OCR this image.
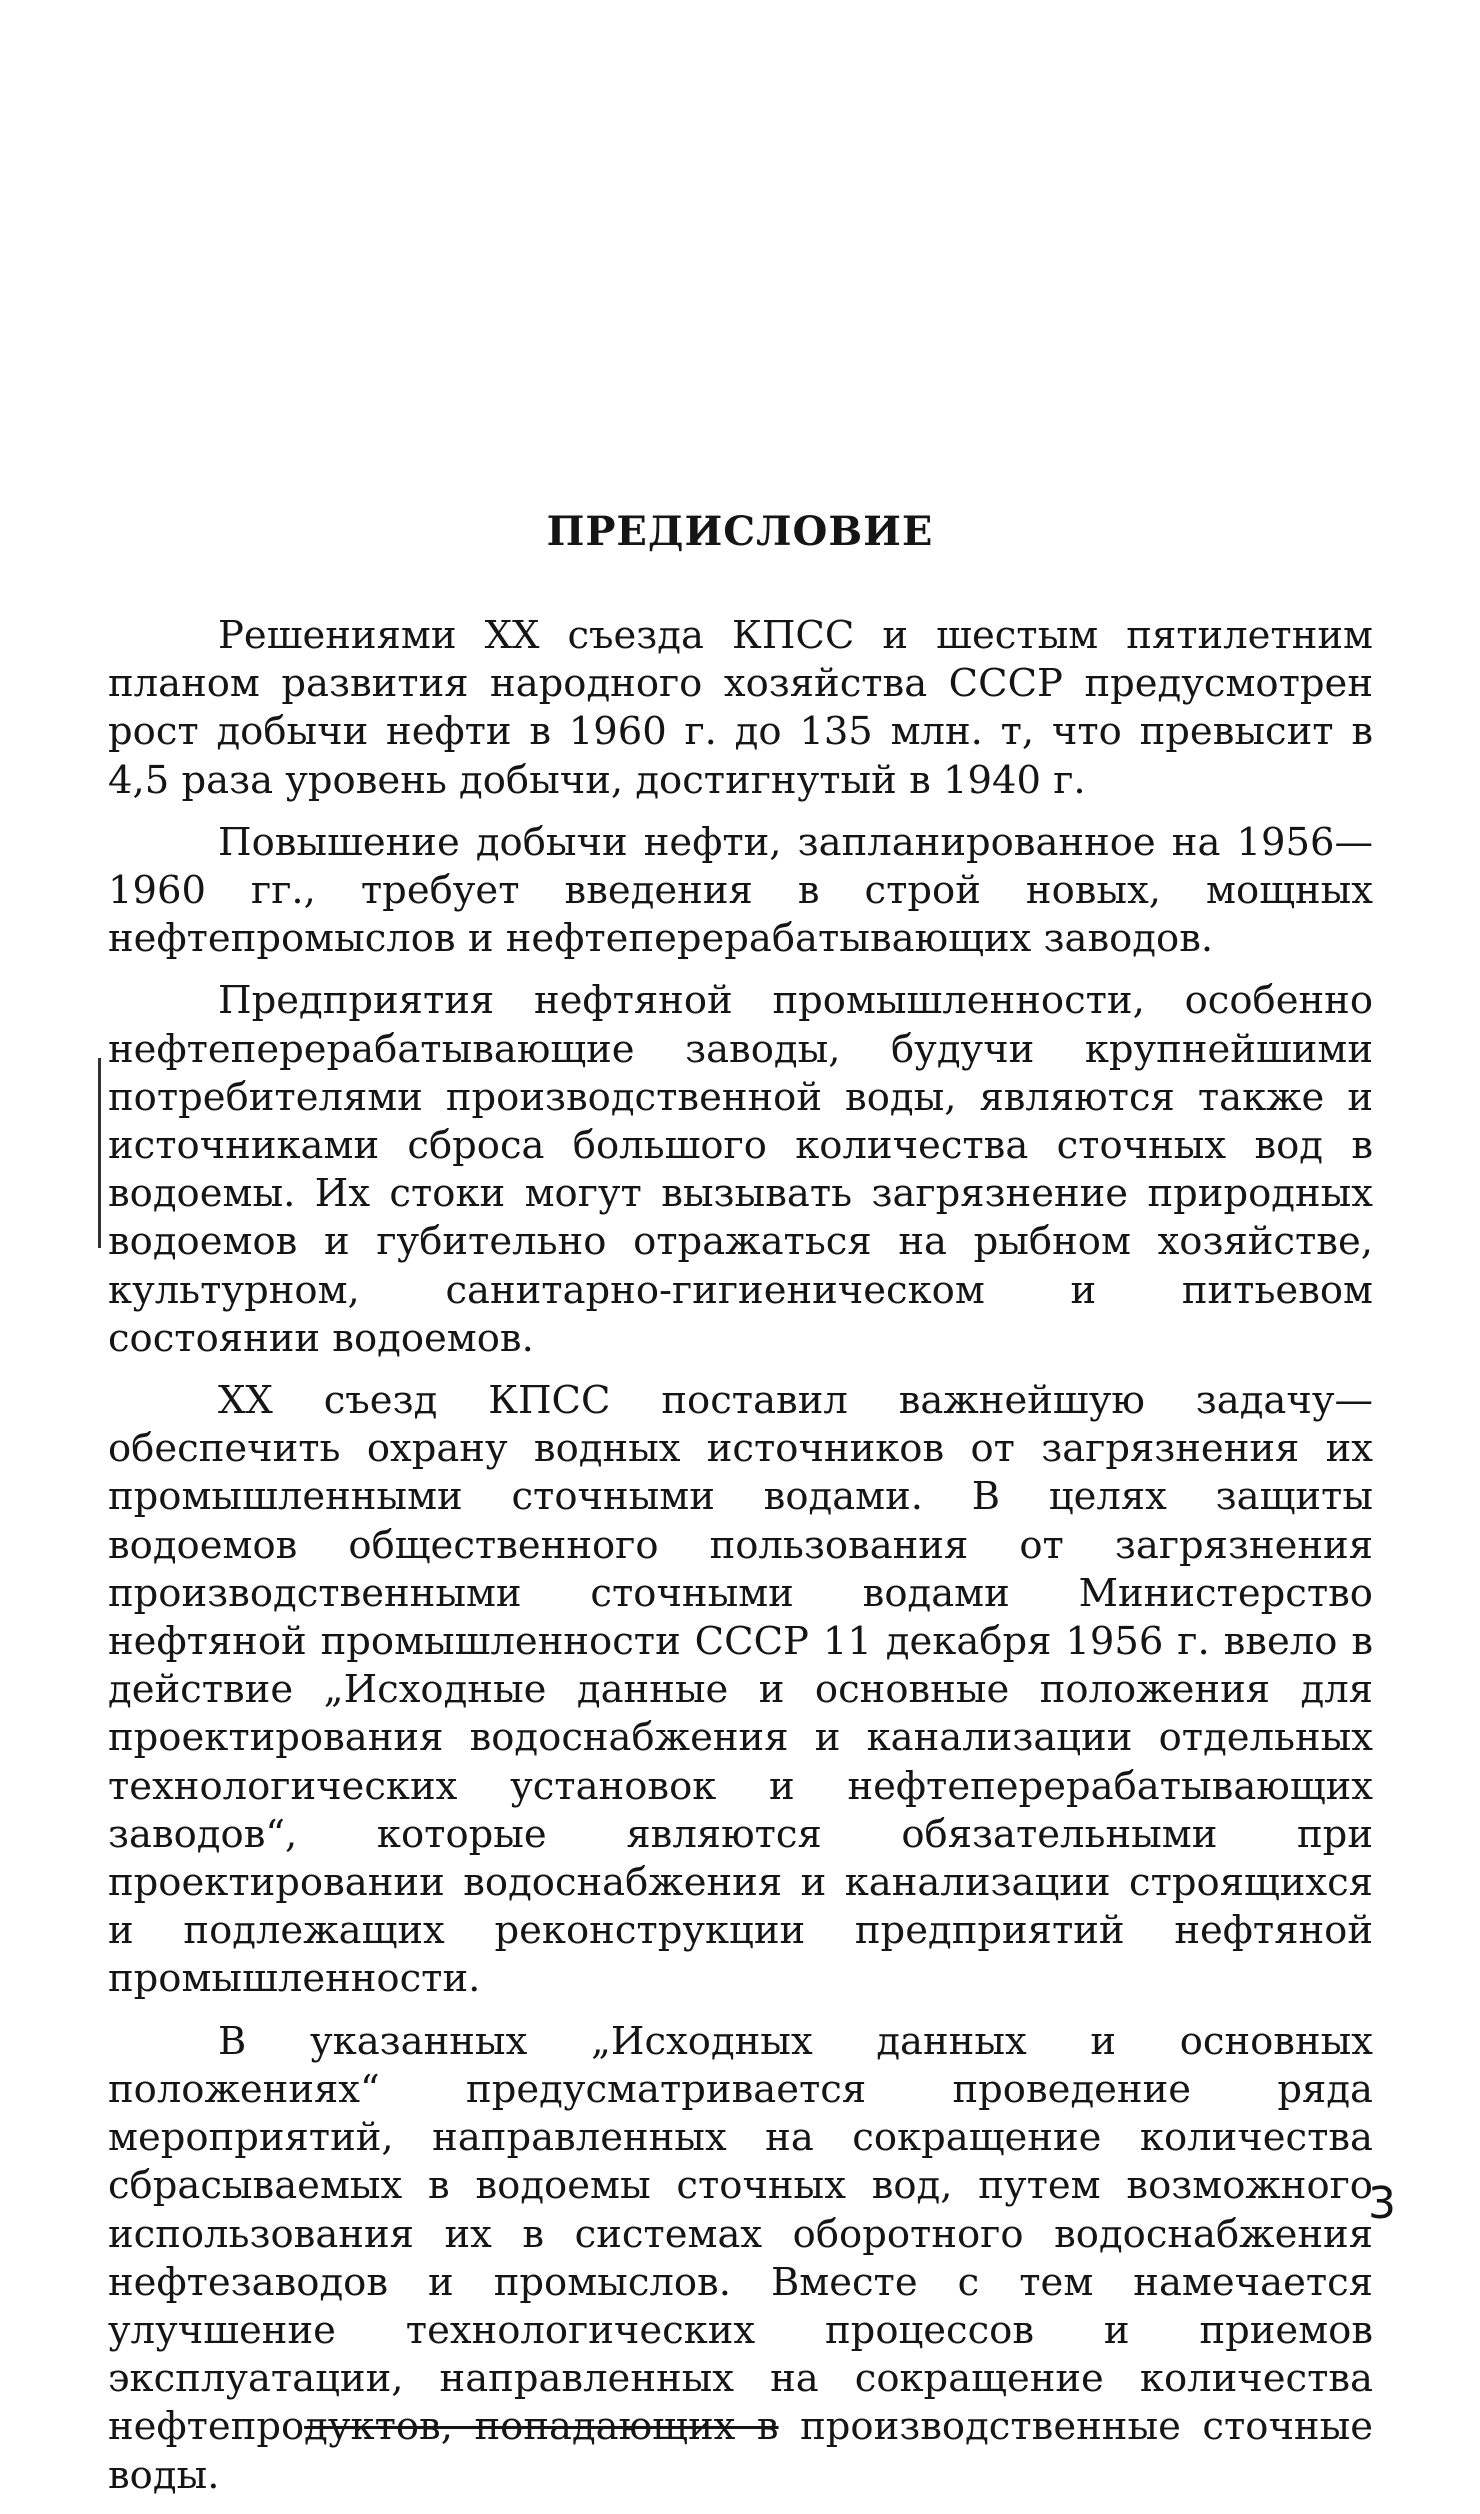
ПРЕДИСЛОВИЕ

Решениями XX съезда КПСС и шестым пятилетним планом развития народного хозяйства СССР предусмотрен рост добычи нефти в 1960 г. до 135 млн. т, что превысит в 4,5 раза уровень добычи, достигнутый в 1940 г.

Повышение добычи нефти, запланированное на 1956—1960 гг., требует введения в строй новых, мощных нефтепромыслов и нефтеперерабатывающих заводов.

Предприятия нефтяной промышленности, особенно нефтеперерабатывающие заводы, будучи крупнейшими потребителями производственной воды, являются также и источниками сброса большого количества сточных вод в водоемы. Их стоки могут вызывать загрязнение природных водоемов и губительно отражаться на рыбном хозяйстве, культурном, санитарно-гигиеническом и питьевом состоянии водоемов.

XX съезд КПСС поставил важнейшую задачу—обеспечить охрану водных источников от загрязнения их промышленными сточными водами. В целях защиты водоемов общественного пользования от загрязнения производственными сточными водами Министерство нефтяной промышленности СССР 11 декабря 1956 г. ввело в действие „Исходные данные и основные положения для проектирования водоснабжения и канализации отдельных технологических установок и нефтеперерабатывающих заводов“, которые являются обязательными при проектировании водоснабжения и канализации строящихся и подлежащих реконструкции предприятий нефтяной промышленности.

В указанных „Исходных данных и основных положениях“ предусматривается проведение ряда мероприятий, направленных на сокращение количества сбрасываемых в водоемы сточных вод, путем возможного использования их в системах оборотного водоснабжения нефтезаводов и промыслов. Вместе с тем намечается улучшение технологических процессов и приемов эксплуатации, направленных на сокращение количества нефтепродуктов, попадающих в производственные сточные воды.

3
